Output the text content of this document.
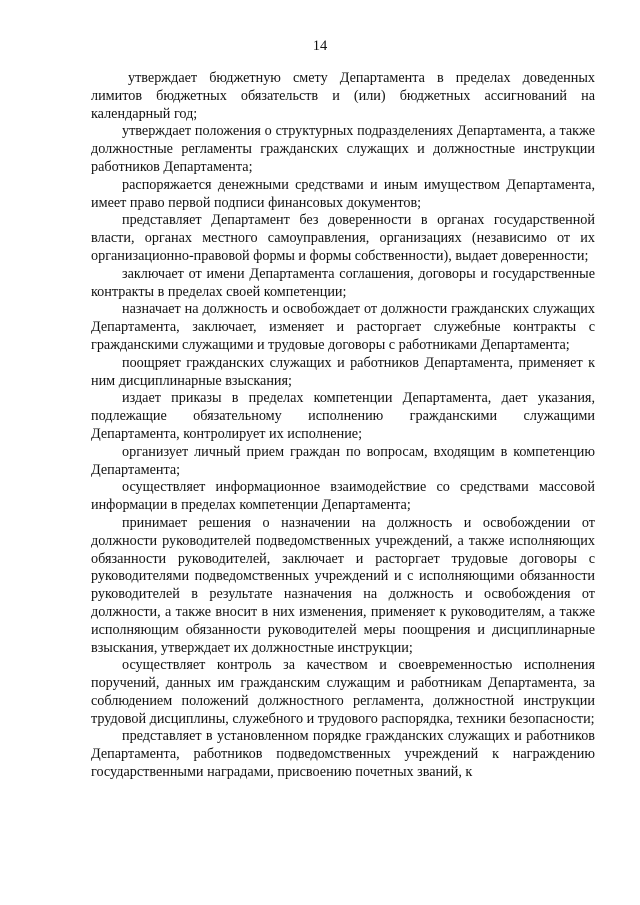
14

утверждает бюджетную смету Департамента в пределах доведенных лимитов бюджетных обязательств и (или) бюджетных ассигнований на календарный год;

утверждает положения о структурных подразделениях Департамента, а также должностные регламенты гражданских служащих и должностные инструкции работников Департамента;

распоряжается денежными средствами и иным имуществом Департамента, имеет право первой подписи финансовых документов;

представляет Департамент без доверенности в органах государственной власти, органах местного самоуправления, организациях (независимо от их организационно-правовой формы и формы собственности), выдает доверенности;

заключает от имени Департамента соглашения, договоры и государственные контракты в пределах своей компетенции;

назначает на должность и освобождает от должности гражданских служащих Департамента, заключает, изменяет и расторгает служебные контракты с гражданскими служащими и трудовые договоры с работниками Департамента;

поощряет гражданских служащих и работников Департамента, применяет к ним дисциплинарные взыскания;

издает приказы в пределах компетенции Департамента, дает указания, подлежащие обязательному исполнению гражданскими служащими Департамента, контролирует их исполнение;

организует личный прием граждан по вопросам, входящим в компетенцию Департамента;

осуществляет информационное взаимодействие со средствами массовой информации в пределах компетенции Департамента;

принимает решения о назначении на должность и освобождении от должности руководителей подведомственных учреждений, а также исполняющих обязанности руководителей, заключает и расторгает трудовые договоры с руководителями подведомственных учреждений и с исполняющими обязанности руководителей в результате назначения на должность и освобождения от должности, а также вносит в них изменения, применяет к руководителям, а также исполняющим обязанности руководителей меры поощрения и дисциплинарные взыскания, утверждает их должностные инструкции;

осуществляет контроль за качеством и своевременностью исполнения поручений, данных им гражданским служащим и работникам Департамента, за соблюдением положений должностного регламента, должностной инструкции трудовой дисциплины, служебного и трудового распорядка, техники безопасности;

представляет в установленном порядке гражданских служащих и работников Департамента, работников подведомственных учреждений к награждению государственными наградами, присвоению почетных званий, к
